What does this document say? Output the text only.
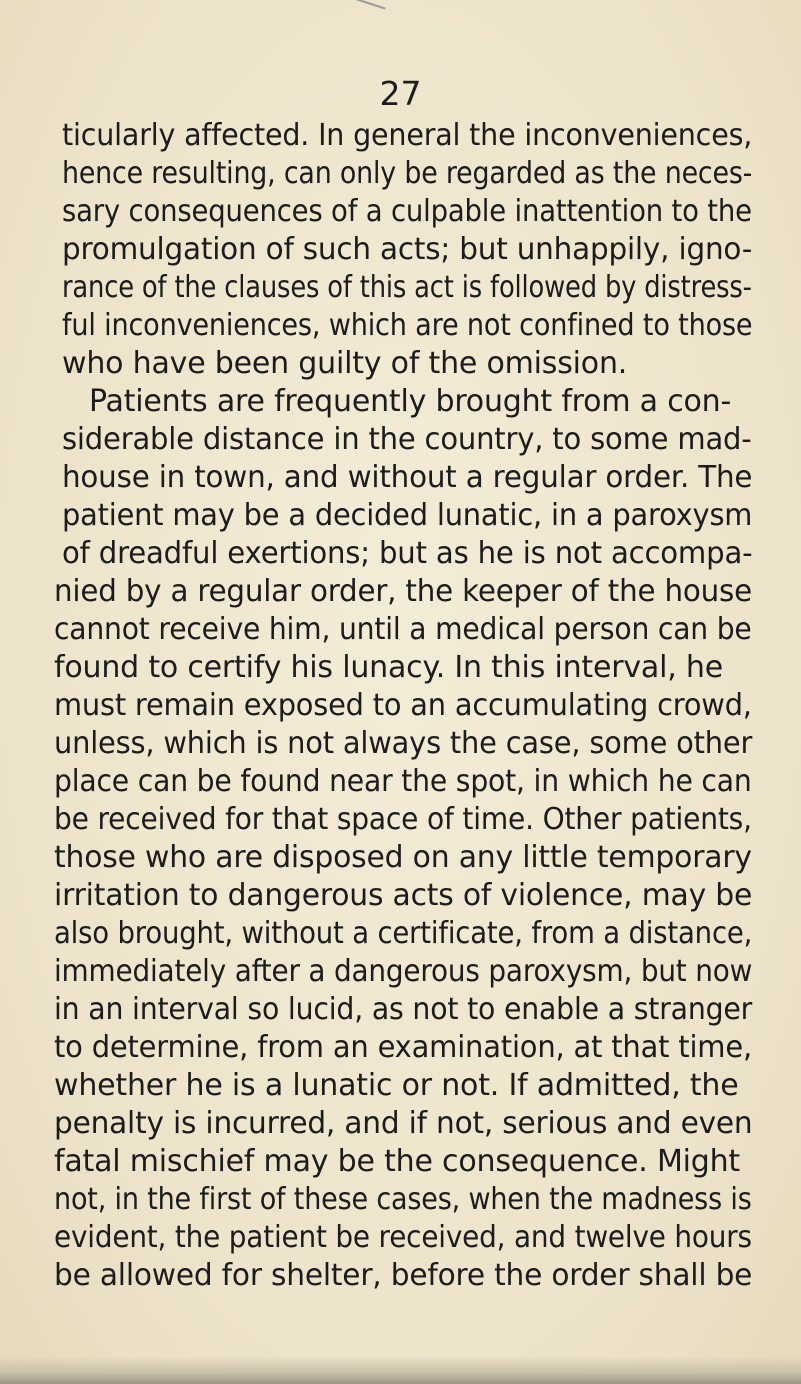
27
ticularly affected. In general the inconveniences,
hence resulting, can only be regarded as the neces-
sary consequences of a culpable inattention to the
promulgation of such acts; but unhappily, igno-
rance of the clauses of this act is followed by distress-
ful inconveniences, which are not confined to those
who have been guilty of the omission.
Patients are frequently brought from a con-
siderable distance in the country, to some mad-
house in town, and without a regular order. The
patient may be a decided lunatic, in a paroxysm
of dreadful exertions; but as he is not accompa-
nied by a regular order, the keeper of the house
cannot receive him, until a medical person can be
found to certify his lunacy. In this interval, he
must remain exposed to an accumulating crowd,
unless, which is not always the case, some other
place can be found near the spot, in which he can
be received for that space of time. Other patients,
those who are disposed on any little temporary
irritation to dangerous acts of violence, may be
also brought, without a certificate, from a distance,
immediately after a dangerous paroxysm, but now
in an interval so lucid, as not to enable a stranger
to determine, from an examination, at that time,
whether he is a lunatic or not. If admitted, the
penalty is incurred, and if not, serious and even
fatal mischief may be the consequence. Might
not, in the first of these cases, when the madness is
evident, the patient be received, and twelve hours
be allowed for shelter, before the order shall be
